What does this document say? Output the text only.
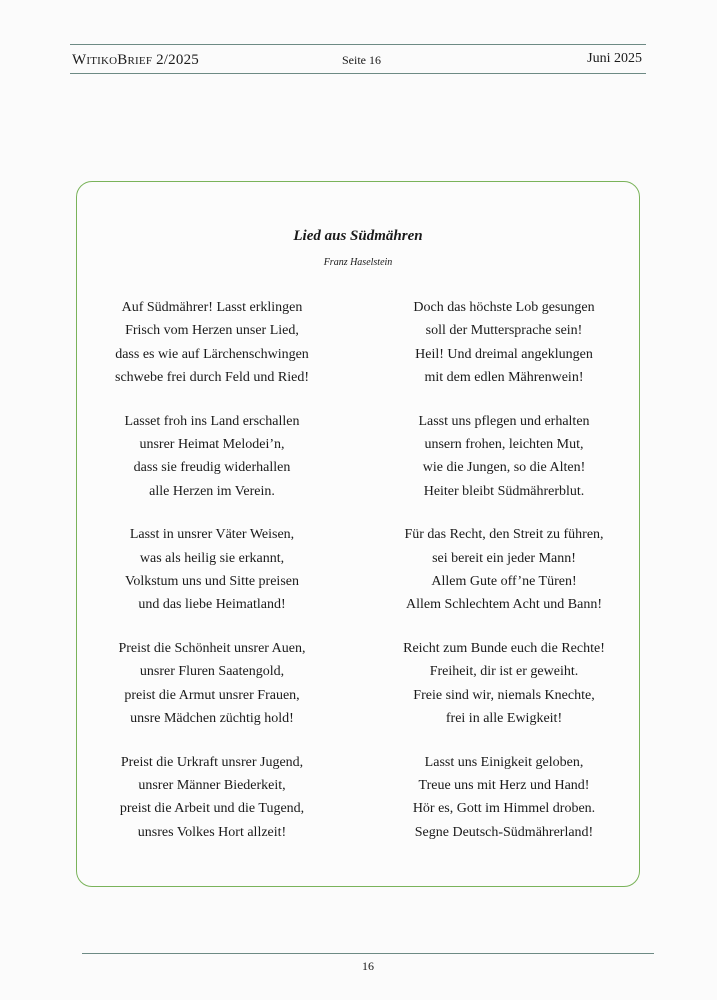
WitikoBrief 2/2025	Seite 16	Juni 2025
Lied aus Südmähren
Franz Haselstein
Auf Südmährer! Lasst erklingen
Frisch vom Herzen unser Lied,
dass es wie auf Lärchenschwingen
schwebe frei durch Feld und Ried!
Lasset froh ins Land erschallen
unsrer Heimat Melodei’n,
dass sie freudig widerhallen
alle Herzen im Verein.
Lasst in unsrer Väter Weisen,
was als heilig sie erkannt,
Volkstum uns und Sitte preisen
und das liebe Heimatland!
Preist die Schönheit unsrer Auen,
unsrer Fluren Saatengold,
preist die Armut unsrer Frauen,
unsre Mädchen züchtig hold!
Preist die Urkraft unsrer Jugend,
unsrer Männer Biederkeit,
preist die Arbeit und die Tugend,
unsres Volkes Hort allzeit!
Doch das höchste Lob gesungen
soll der Muttersprache sein!
Heil! Und dreimal angeklungen
mit dem edlen Mährenwein!
Lasst uns pflegen und erhalten
unsern frohen, leichten Mut,
wie die Jungen, so die Alten!
Heiter bleibt Südmährerblut.
Für das Recht, den Streit zu führen,
sei bereit ein jeder Mann!
Allem Gute off’ne Türen!
Allem Schlechtem Acht und Bann!
Reicht zum Bunde euch die Rechte!
Freiheit, dir ist er geweiht.
Freie sind wir, niemals Knechte,
frei in alle Ewigkeit!
Lasst uns Einigkeit geloben,
Treue uns mit Herz und Hand!
Hör es, Gott im Himmel droben.
Segne Deutsch-Südmährerland!
16
